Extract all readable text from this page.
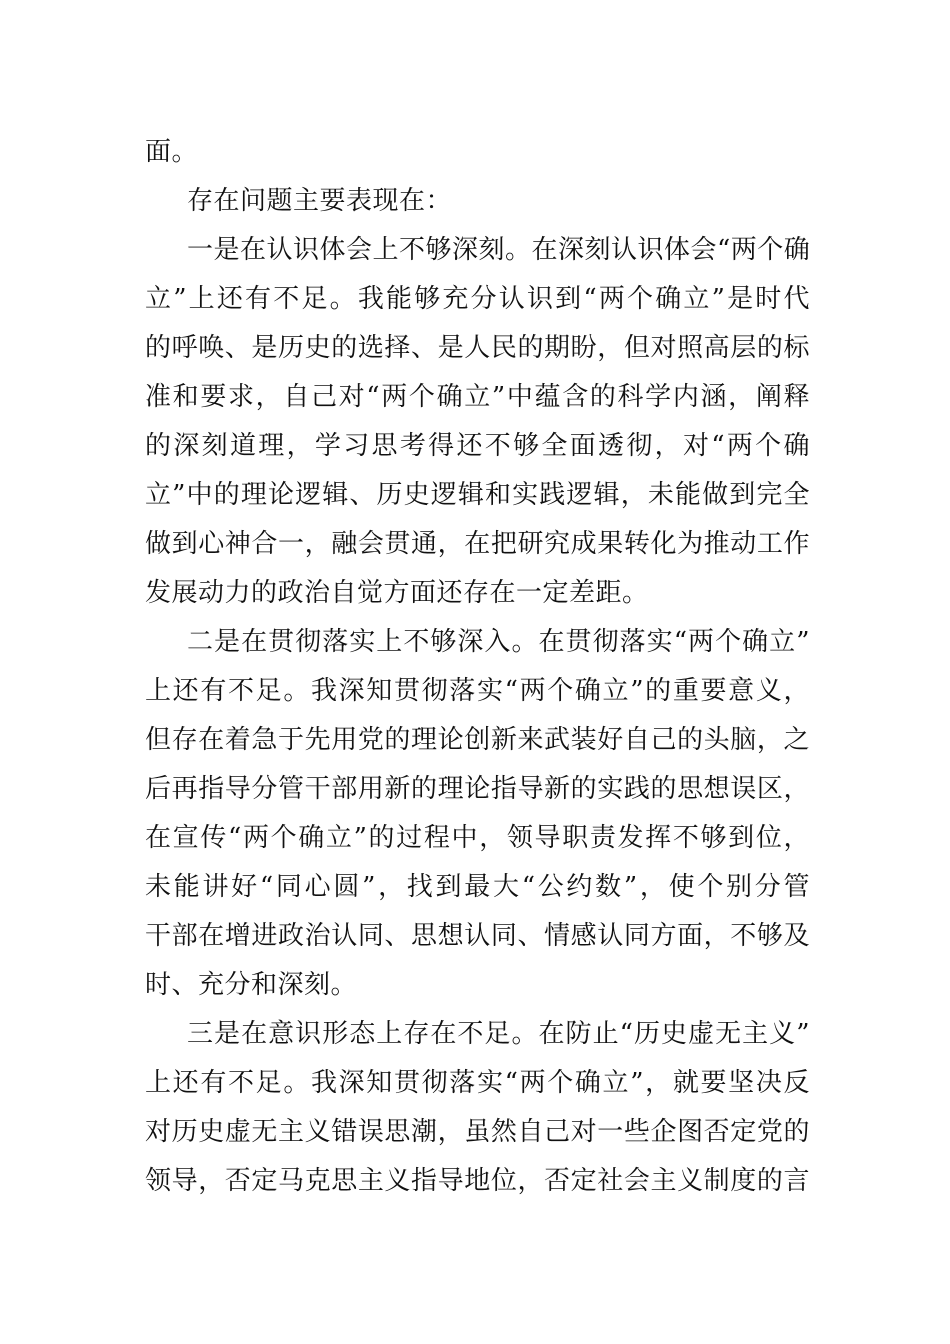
面。
存在问题主要表现在：
一是在认识体会上不够深刻。在深刻认识体会“两个确
立”上还有不足。我能够充分认识到“两个确立”是时代
的呼唤、是历史的选择、是人民的期盼，但对照高层的标
准和要求，自己对“两个确立”中蕴含的科学内涵，阐释
的深刻道理，学习思考得还不够全面透彻，对“两个确
立”中的理论逻辑、历史逻辑和实践逻辑，未能做到完全
做到心神合一，融会贯通，在把研究成果转化为推动工作
发展动力的政治自觉方面还存在一定差距。
二是在贯彻落实上不够深入。在贯彻落实“两个确立”
上还有不足。我深知贯彻落实“两个确立”的重要意义，
但存在着急于先用党的理论创新来武装好自己的头脑，之
后再指导分管干部用新的理论指导新的实践的思想误区，
在宣传“两个确立”的过程中，领导职责发挥不够到位，
未能讲好“同心圆”，找到最大“公约数”，使个别分管
干部在增进政治认同、思想认同、情感认同方面，不够及
时、充分和深刻。
三是在意识形态上存在不足。在防止“历史虚无主义”
上还有不足。我深知贯彻落实“两个确立”，就要坚决反
对历史虚无主义错误思潮，虽然自己对一些企图否定党的
领导，否定马克思主义指导地位，否定社会主义制度的言
